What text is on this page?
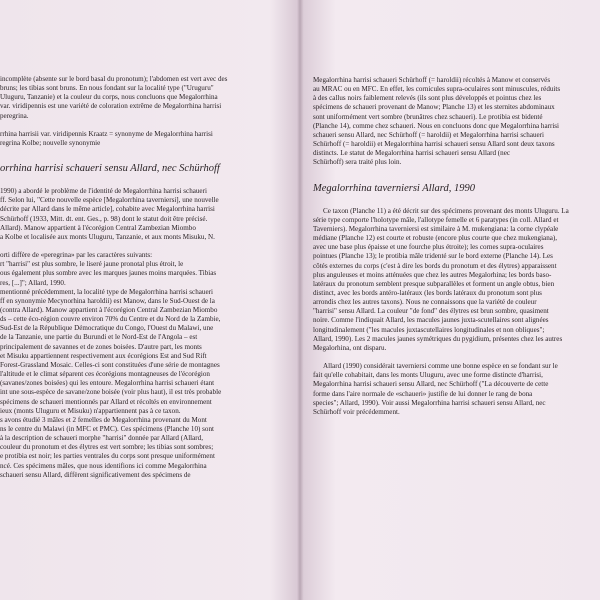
incomplète (absente sur le bord basal du pronotum); l'abdomen est vert avec des
bruns; les tibias sont bruns. En nous fondant sur la localité type ("Uruguru"
Uluguru, Tanzanie) et la couleur du corps, nous concluons que Megalorrhina
var. viridipennis est une variété de coloration extrême de Megalorrhina harrisi
peregrina.

rrhina harrisii var. viridipennis Kraatz = synonyme de Megalorrhina harrisi
regrina Kolbe; nouvelle synonymie

orrhina harrisi schaueri sensu Allard, nec Schürhoff

1990) a abordé le problème de l'identité de Megalorrhina harrisi schaueri
ff. Selon lui, "Cette nouvelle espèce [Megalorrhina taverniersi], une nouvelle
décrite par Allard dans le même article], cohabite avec Megalorrhina harrisi
Schürhoff (1933, Mitt. dt. ent. Ges., p. 98) dont le statut doit être précisé.
Allard). Manow appartient à l'écorégion Central Zambezian Miombo
a Kolbe et localisée aux monts Uluguru, Tanzanie, et aux monts Misuku, N.
orti diffère de «peregrina» par les caractères suivants:
rt "harrisi" est plus sombre, le liseré jaune pronotal plus étroit, le
ous également plus sombre avec les marques jaunes moins marquées. Tibias
res, [...]"; Allard, 1990.
mentionné précédemment, la localité type de Megalorrhina harrisi schaueri
ff en synonymie Mecynorhina haroldii) est Manow, dans le Sud-Ouest de la
(contra Allard). Manow appartient à l'écorégion Central Zambezian Miombo
ds – cette éco-région couvre environ 70% du Centre et du Nord de la Zambie,
Sud-Est de la République Démocratique du Congo, l'Ouest du Malawi, une
de la Tanzanie, une partie du Burundi et le Nord-Est de l'Angola – est
principalement de savannes et de zones boisées. D'autre part, les monts
et Misuku appartiennent respectivement aux écorégions Est and Sud Rift
Forest-Grassland Mosaic. Celles-ci sont constituées d'une série de montagnes
l'altitude et le climat séparent ces écorégions montagneuses de l'écorégion
(savanes/zones boisées) qui les entoure. Megalorrhina harrisi schaueri étant
int une sous-espèce de savane/zone boisée (voir plus haut), il est très probable
spécimens de schaueri mentionnés par Allard et récoltés en environnement
ieux (monts Uluguru et Misuku) n'appartiennent pas à ce taxon.
s avons étudié 3 mâles et 2 femelles de Megalorrhina provenant du Mont
ns le centre du Malawi (in MFC et PMC). Ces spécimens (Planche 10) sont
à la description de schaueri morphe "harrisi" donnée par Allard (Allard,
couleur du pronotum et des élytres est vert sombre; les tibias sont sombres;
e protibia est noir; les parties ventrales du corps sont presque uniformément
ncé. Ces spécimens mâles, que nous identifions ici comme Megalorrhina
schaueri sensu Allard, diffèrent significativement des spécimens de

Megalorrhina harrisi schaueri Schürhoff (= haroldii) récoltés à Manow et conservés
au MRAC ou en MFC. En effet, les cornicules supra-oculaires sont minuscules, réduits
à des callus noirs faiblement relevés (ils sont plus développés et pointus chez les
spécimens de schaueri provenant de Manow; Planche 13) et les sternites abdominaux
sont uniformément vert sombre (brunâtres chez schaueri). Le protibia est bidenté
(Planche 14), comme chez schaueri. Nous en concluons donc que Megalorrhina harrisi
schaueri sensu Allard, nec Schürhoff (= haroldii) et Megalorrhina harrisi schaueri
Schürhoff (= haroldii) et Megalorrhina harrisi schaueri sensu Allard sont deux taxons
distincts. Le statut de Megalorrhina harrisi schaueri sensu Allard (nec
Schürhoff) sera traité plus loin.

Megalorrhina taverniersi Allard, 1990

Ce taxon (Planche 11) a été décrit sur des spécimens provenant des monts Uluguru. La
série type comporte l'holotype mâle, l'allotype femelle et 6 paratypes (in coll. Allard et
Taverniers). Megalorrhina taverniersi est similaire à M. mukengiana: la corne clypéale
médiane (Planche 12) est courte et robuste (encore plus courte que chez mukengiana),
avec une base plus épaisse et une fourche plus étroite); les cornes supra-oculaires
pointues (Planche 13); le protibia mâle tridenté sur le bord externe (Planche 14). Les
côtés externes du corps (c'est à dire les bords du pronotum et des élytres) apparaissent
plus anguleuses et moins atténuées que chez les autres Megalorhina; les bords baso-
latéraux du pronotum semblent presque subparallèles et forment un angle obtus, bien
distinct, avec les bords antéro-latéraux (les bords latéraux du pronotum sont plus
arrondis chez les autres taxons). Nous ne connaissons que la variété de couleur
"harrisi" sensu Allard. La couleur "de fond" des élytres est brun sombre, quasiment
noire. Comme l'indiquait Allard, les macules jaunes juxta-scutellaires sont alignées
longitudinalement ("les macules juxtascutellaires longitudinales et non obliques";
Allard, 1990). Les 2 macules jaunes symétriques du pygidium, présentes chez les autres
Megalorhina, ont disparu.
Allard (1990) considérait taverniersi comme une bonne espèce en se fondant sur le
fait qu'elle cohabitait, dans les monts Uluguru, avec une forme distincte d'harrisi,
Megalorrhina harrisi schaueri sensu Allard, nec Schürhoff ("La découverte de cette
forme dans l'aire normale de «schaueri» justifie de lui donner le rang de bona
species"; Allard, 1990). Voir aussi Megalorrhina harrisi schaueri sensu Allard, nec
Schürhoff voir précédemment.
